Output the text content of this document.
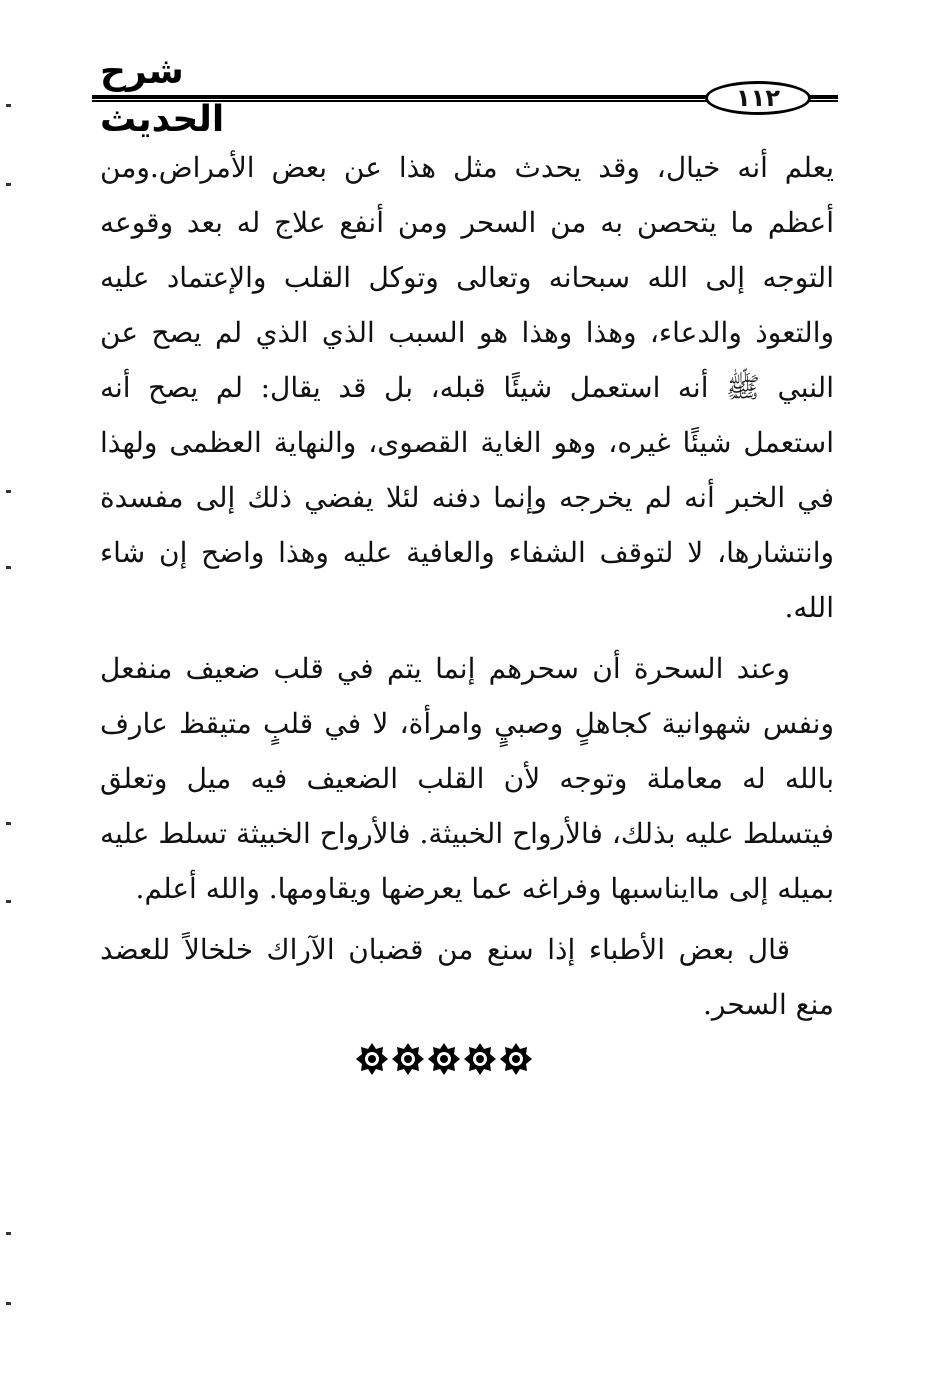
شرح الحديث
١١٢

يعلم أنه خيال، وقد يحدث مثل هذا عن بعض الأمراض.ومن أعظم ما يتحصن به من السحر ومن أنفع علاج له بعد وقوعه التوجه إلى الله سبحانه وتعالى وتوكل القلب والإعتماد عليه والتعوذ والدعاء، وهذا وهذا هو السبب الذي الذي لم يصح عن النبي ﷺ أنه استعمل شيئًا قبله، بل قد يقال: لم يصح أنه استعمل شيئًا غيره، وهو الغاية القصوى، والنهاية العظمى ولهذا في الخبر أنه لم يخرجه وإنما دفنه لئلا يفضي ذلك إلى مفسدة وانتشارها، لا لتوقف الشفاء والعافية عليه وهذا واضح إن شاء الله.

وعند السحرة أن سحرهم إنما يتم في قلب ضعيف منفعل ونفس شهوانية كجاهلٍ وصبيٍ وامرأة، لا في قلبٍ متيقظ عارف بالله له معاملة وتوجه لأن القلب الضعيف فيه ميل وتعلق فيتسلط عليه بذلك، فالأرواح الخبيثة. فالأرواح الخبيثة تسلط عليه بميله إلى ماايناسبها وفراغه عما يعرضها ويقاومها. والله أعلم.

قال بعض الأطباء إذا سنع من قضبان الآراك خلخالاً للعضد منع السحر.
